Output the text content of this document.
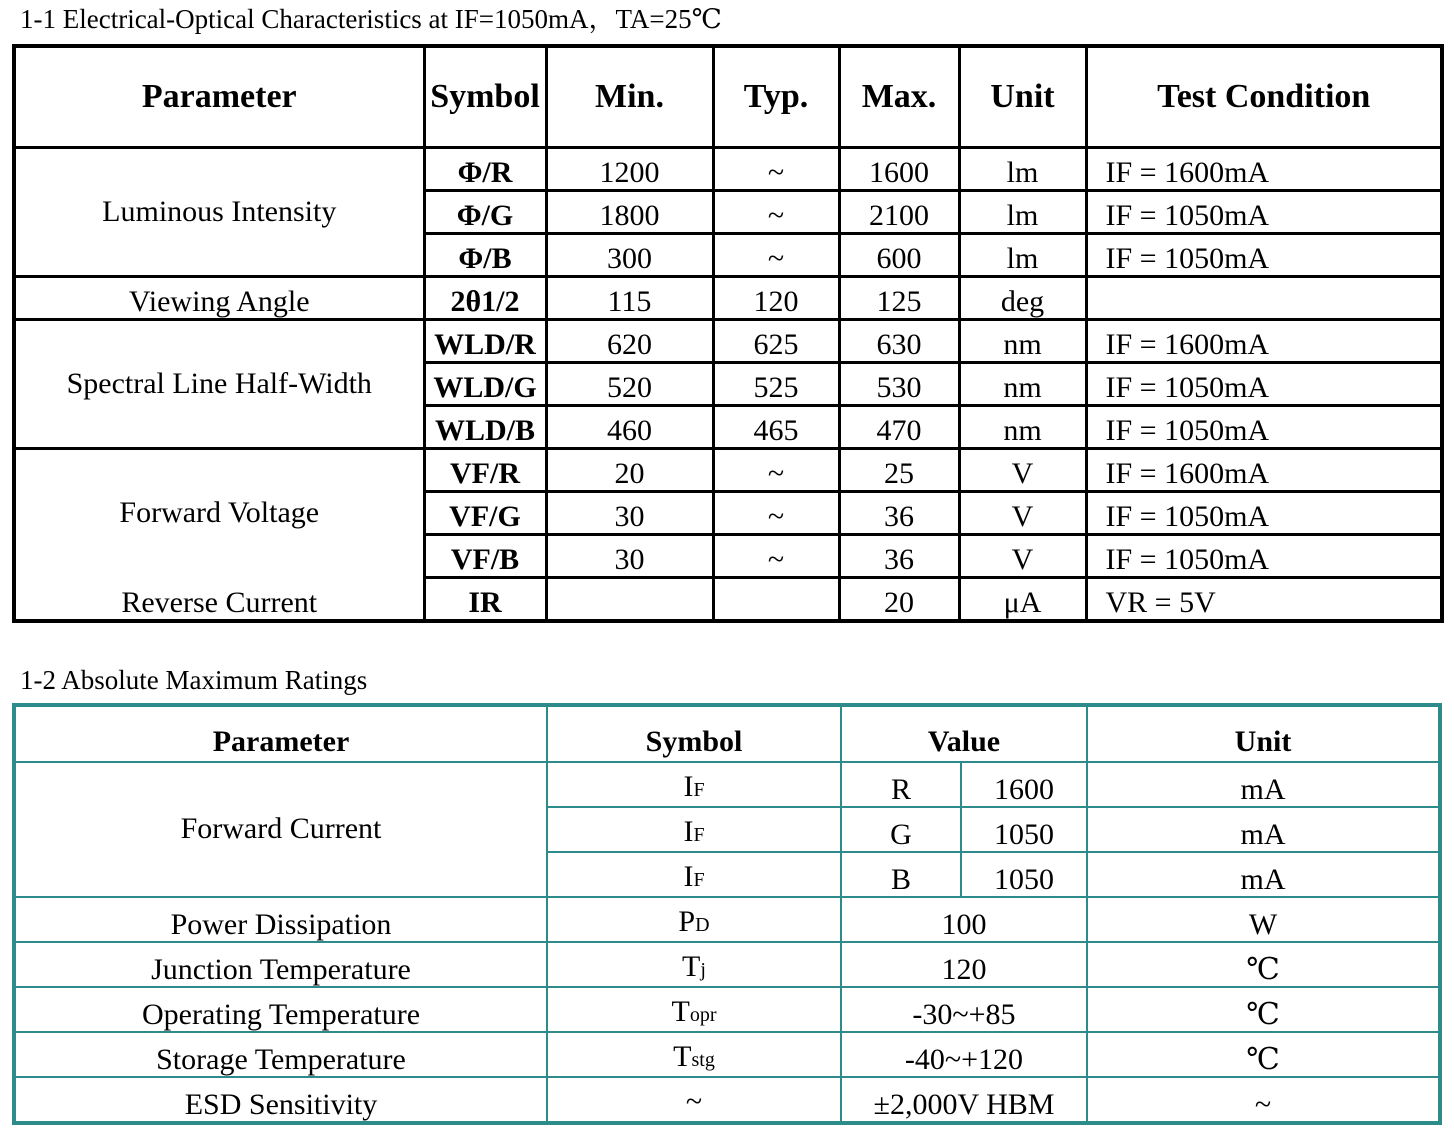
1-1 Electrical-Optical Characteristics at IF=1050mA，TA=25℃
Parameter	Symbol	Min.	Typ.	Max.	Unit	Test Condition
Luminous Intensity	Φ/R	1200	~	1600	lm	IF = 1600mA
	Φ/G	1800	~	2100	lm	IF = 1050mA
	Φ/B	300	~	600	lm	IF = 1050mA
Viewing Angle	2θ1/2	115	120	125	deg	
Spectral Line Half-Width	WLD/R	620	625	630	nm	IF = 1600mA
	WLD/G	520	525	530	nm	IF = 1050mA
	WLD/B	460	465	470	nm	IF = 1050mA
Forward Voltage	VF/R	20	~	25	V	IF = 1600mA
	VF/G	30	~	36	V	IF = 1050mA
	VF/B	30	~	36	V	IF = 1050mA
Reverse Current	IR			20	μA	VR = 5V
1-2 Absolute Maximum Ratings
Parameter	Symbol	Value		Unit
Forward Current	IF	R	1600	mA
	IF	G	1050	mA
	IF	B	1050	mA
Power Dissipation	PD	100		W
Junction Temperature	Tj	120		℃
Operating Temperature	Topr	-30~+85		℃
Storage Temperature	Tstg	-40~+120		℃
ESD Sensitivity	~	±2,000V HBM		~
